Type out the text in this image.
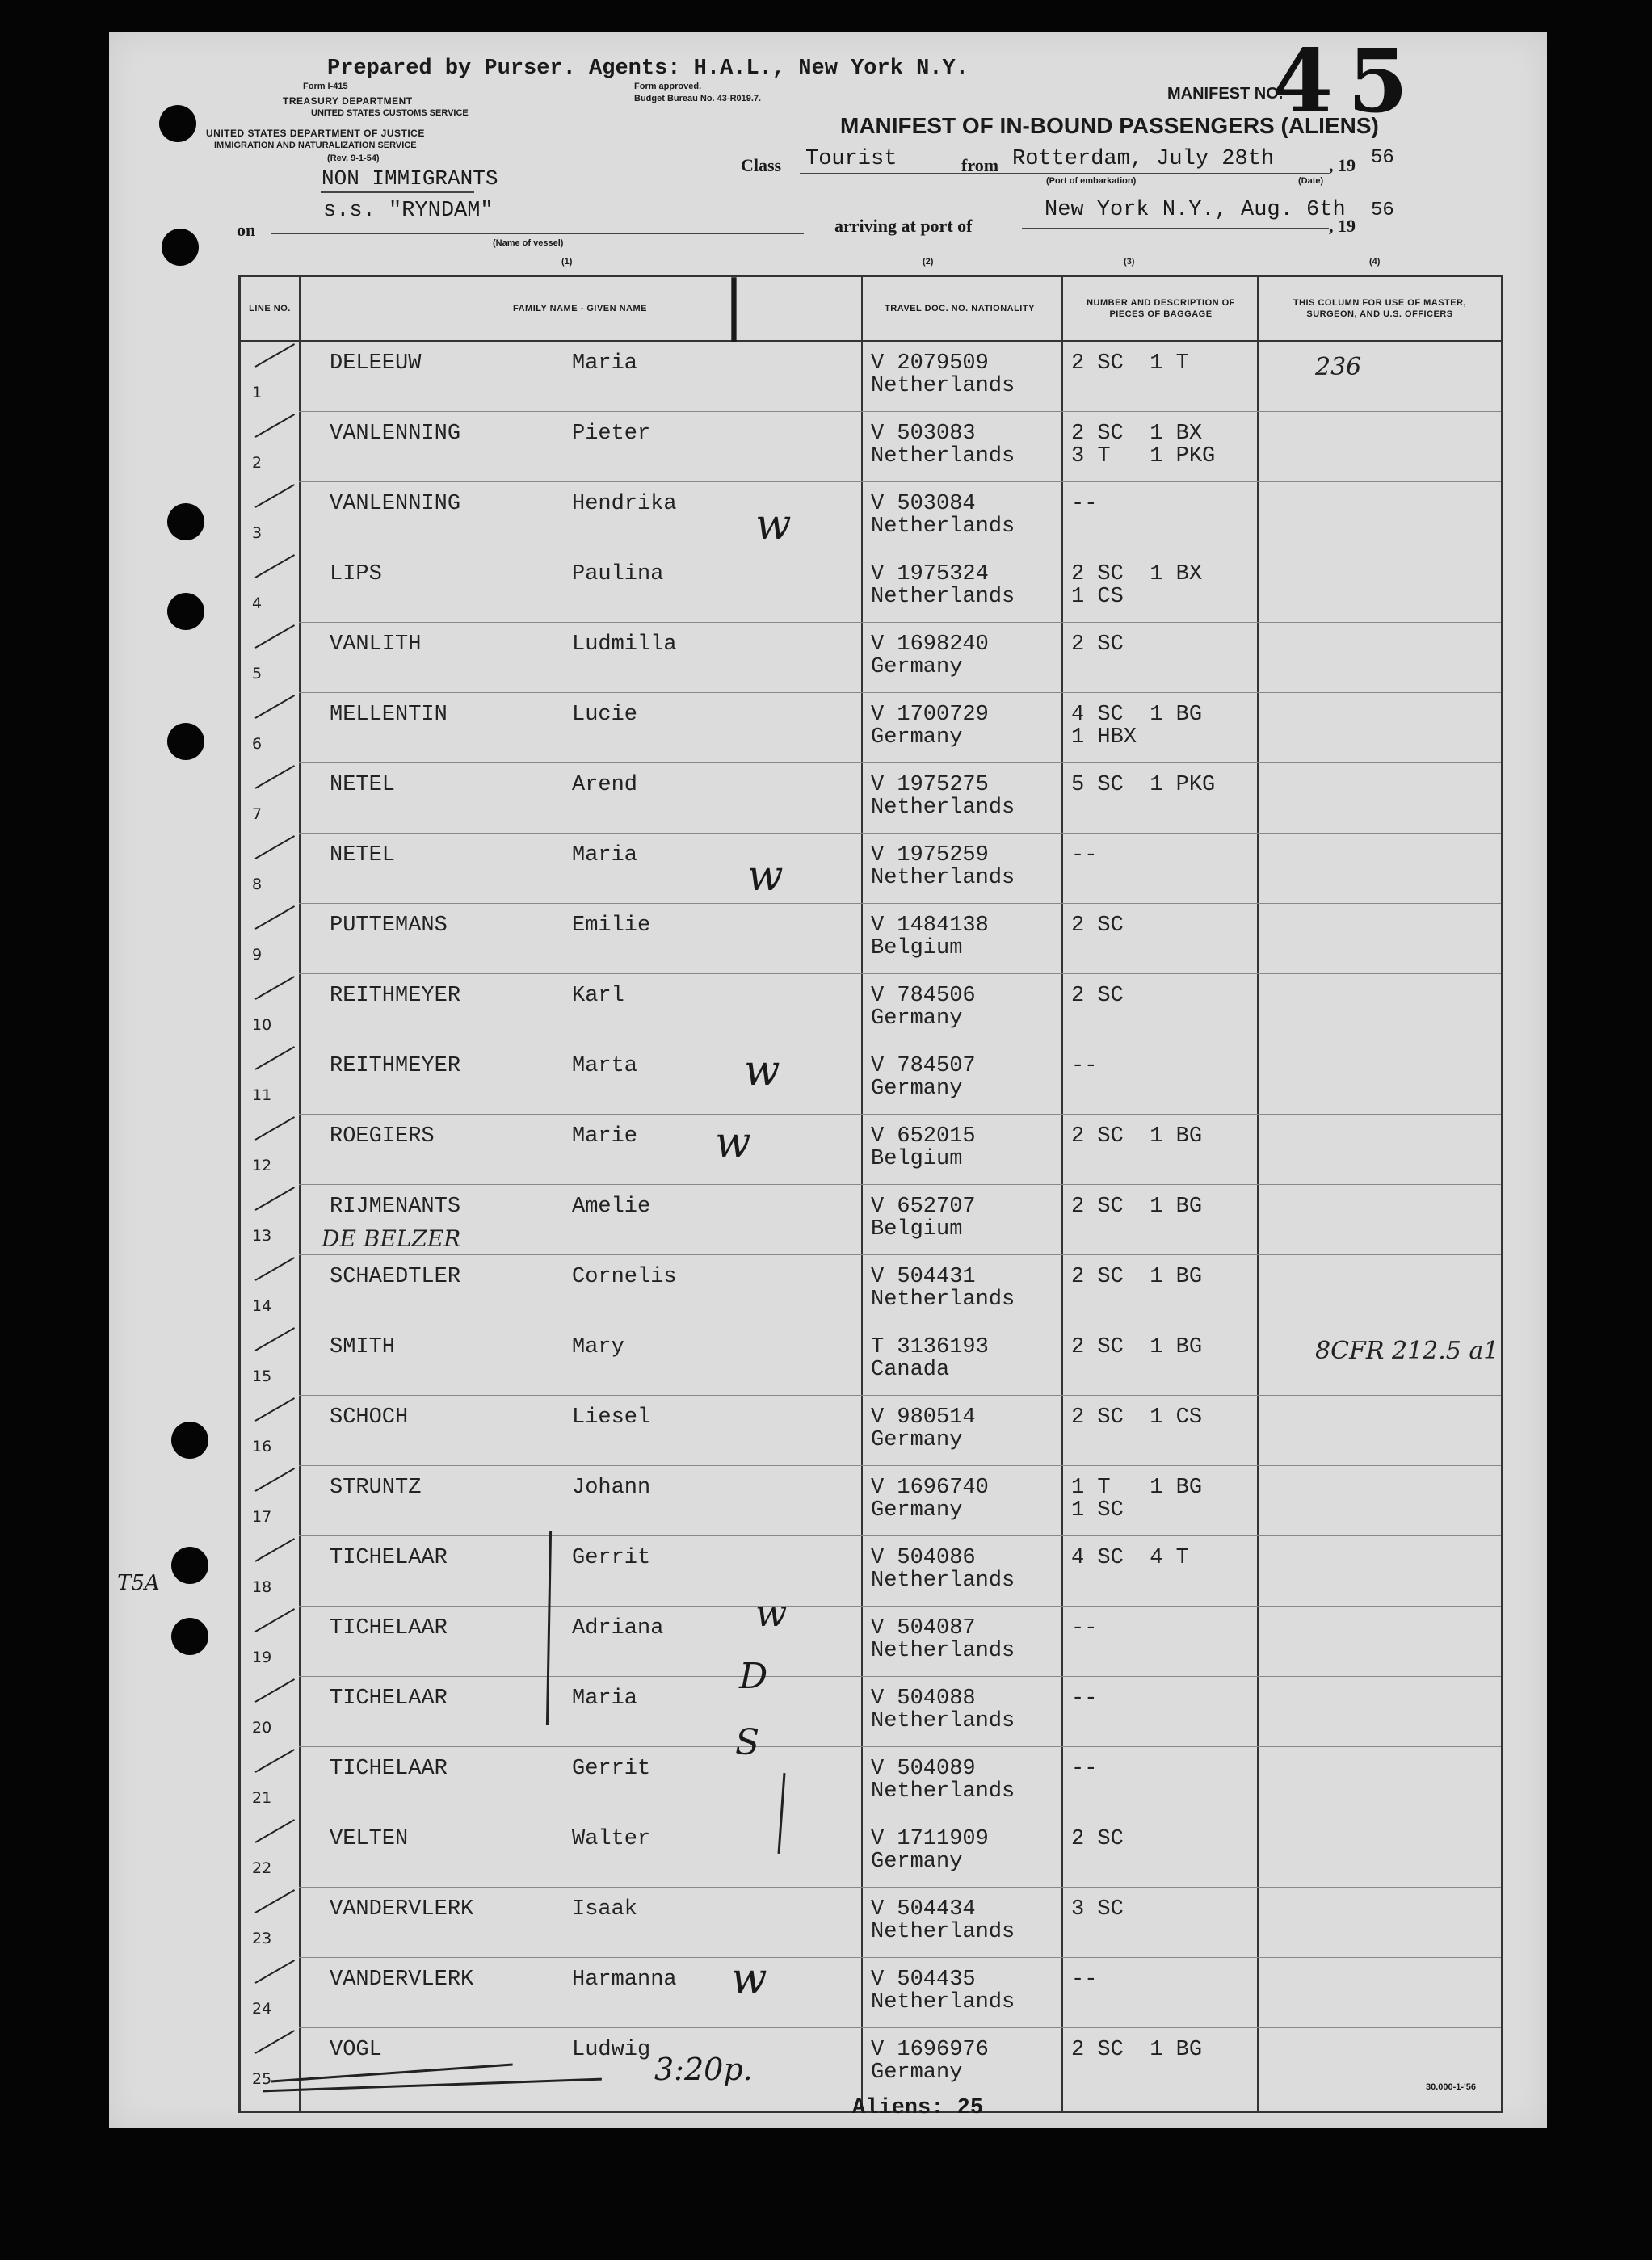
Prepared by Purser. Agents: H.A.L., New York N.Y.
Form I-415	Form approved.
Budget Bureau No. 43-R019.7.
TREASURY DEPARTMENT
UNITED STATES CUSTOMS SERVICE
UNITED STATES DEPARTMENT OF JUSTICE
IMMIGRATION AND NATURALIZATION SERVICE
(Rev. 9-1-54)
NON IMMIGRANTS
MANIFEST NO.
45
MANIFEST OF IN-BOUND PASSENGERS (ALIENS)
Class Tourist	from Rotterdam, July 28th	, 19 56
(Port of embarkation)	(Date)
on
s.s. "RYNDAM"
(Name of vessel)
arriving at port of
New York N.Y., Aug. 6th
, 19
56
(1)	(2)	(3)	(4)
LINE NO.	FAMILY NAME - GIVEN NAME	TRAVEL DOC. NO. NATIONALITY
NUMBER AND DESCRIPTION OF PIECES OF BAGGAGE
THIS COLUMN FOR USE OF MASTER, SURGEON, AND U.S. OFFICERS
1
DELEEUW	Maria	V 2079509
Netherlands
2 SC  1 T	236
2
VANLENNING	Pieter	V 503083
Netherlands
2 SC  1 BX
3 T   1 PKG
3
VANLENNING	Hendrika	V 503084
Netherlands
--
4
LIPS	Paulina	V 1975324
Netherlands
2 SC  1 BX
1 CS
5
VANLITH	Ludmilla	V 1698240
Germany
2 SC
6
MELLENTIN	Lucie	V 1700729
Germany
4 SC  1 BG
1 HBX
7
NETEL	Arend	V 1975275
Netherlands
5 SC  1 PKG
8
NETEL	Maria	V 1975259
Netherlands
--
9
PUTTEMANS	Emilie	V 1484138
Belgium
2 SC
10
REITHMEYER	Karl	V 784506
Germany
2 SC
11
REITHMEYER	Marta	V 784507
Germany
--
12
ROEGIERS	Marie	V 652015
Belgium
2 SC  1 BG
13
RIJMENANTS	Amelie	V 652707
Belgium
2 SC  1 BG
DE BELZER
14
SCHAEDTLER	Cornelis	V 504431
Netherlands
2 SC  1 BG
15
SMITH	Mary	T 3136193
Canada
2 SC  1 BG	8CFR 212.5 a1
16
SCHOCH	Liesel	V 980514
Germany
2 SC  1 CS
17
STRUNTZ	Johann	V 1696740
Germany
1 T   1 BG
1 SC
18
TICHELAAR	Gerrit	V 504086
Netherlands
4 SC  4 T
19
TICHELAAR	Adriana	V 504087
Netherlands
--
20
TICHELAAR	Maria	V 504088
Netherlands
--
21
TICHELAAR	Gerrit	V 504089
Netherlands
--
22
VELTEN	Walter	V 1711909
Germany
2 SC
23
VANDERVLERK	Isaak	V 504434
Netherlands
3 SC
24
VANDERVLERK	Harmanna	V 504435
Netherlands
--
25
VOGL	Ludwig	V 1696976
Germany
2 SC  1 BG
|
w
w
w
w
w
w
D
S
T5A
3:20p.
Aliens: 25
30.000-1-'56
